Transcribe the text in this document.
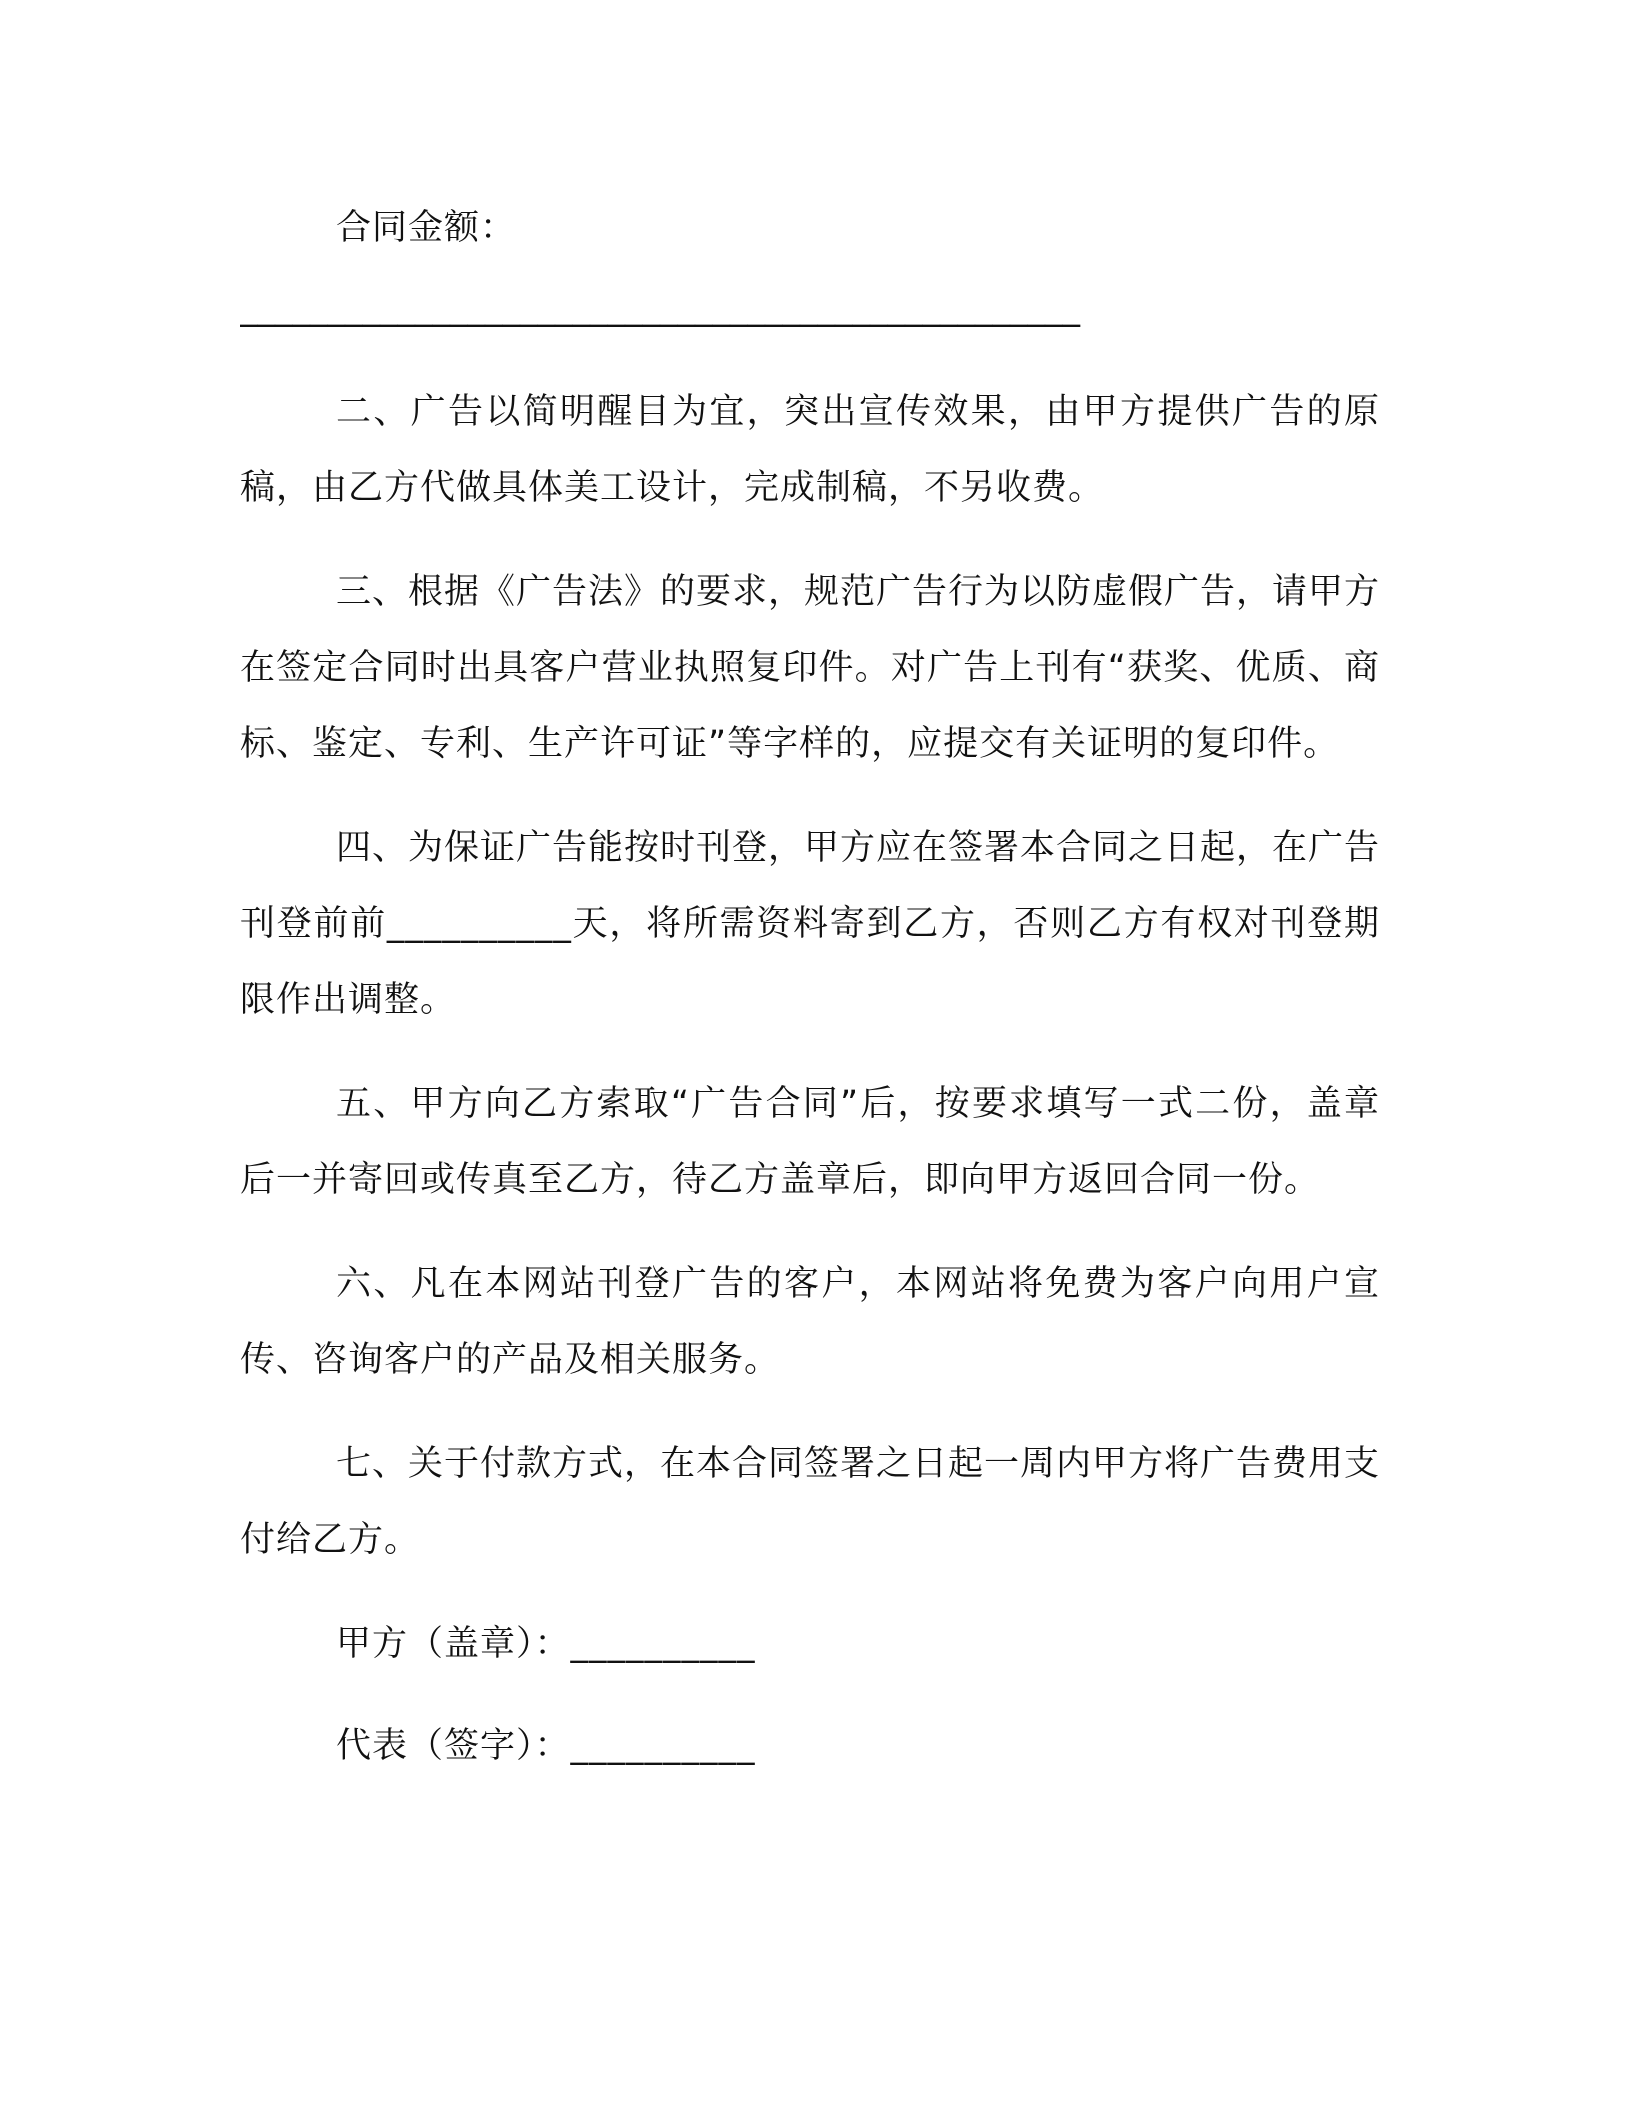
合同金额：

________________________________________________

二、广告以简明醒目为宜，突出宣传效果，由甲方提供广告的原稿，由乙方代做具体美工设计，完成制稿，不另收费。

三、根据《广告法》的要求，规范广告行为以防虚假广告，请甲方在签定合同时出具客户营业执照复印件。对广告上刊有“获奖、优质、商标、鉴定、专利、生产许可证”等字样的，应提交有关证明的复印件。

四、为保证广告能按时刊登，甲方应在签署本合同之日起，在广告刊登前前__________天，将所需资料寄到乙方，否则乙方有权对刊登期限作出调整。

五、甲方向乙方索取“广告合同”后，按要求填写一式二份，盖章后一并寄回或传真至乙方，待乙方盖章后，即向甲方返回合同一份。

六、凡在本网站刊登广告的客户，本网站将免费为客户向用户宣传、咨询客户的产品及相关服务。

七、关于付款方式，在本合同签署之日起一周内甲方将广告费用支付给乙方。

甲方（盖章）：__________

代表（签字）：__________
